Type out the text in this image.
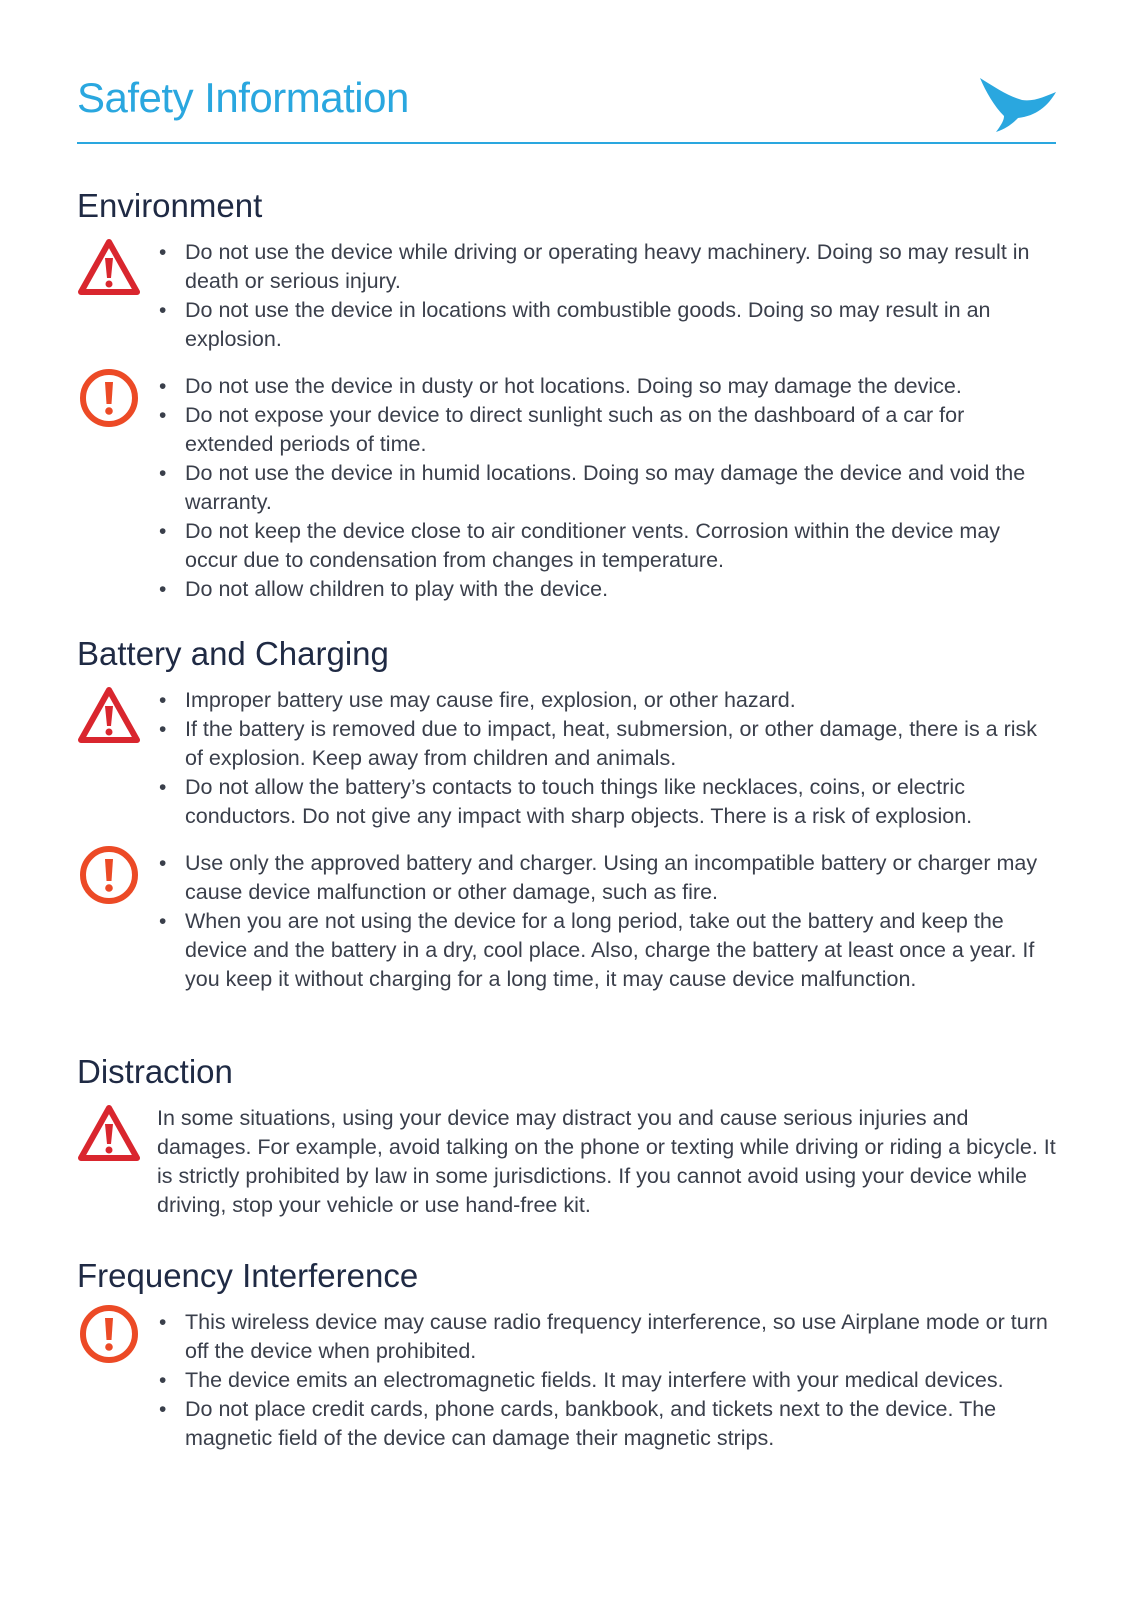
Safety Information
Environment
• Do not use the device while driving or operating heavy machinery. Doing so may result in death or serious injury.
• Do not use the device in locations with combustible goods. Doing so may result in an explosion.
• Do not use the device in dusty or hot locations. Doing so may damage the device.
• Do not expose your device to direct sunlight such as on the dashboard of a car for extended periods of time.
• Do not use the device in humid locations. Doing so may damage the device and void the warranty.
• Do not keep the device close to air conditioner vents. Corrosion within the device may occur due to condensation from changes in temperature.
• Do not allow children to play with the device.
Battery and Charging
• Improper battery use may cause fire, explosion, or other hazard.
• If the battery is removed due to impact, heat, submersion, or other damage, there is a risk of explosion. Keep away from children and animals.
• Do not allow the battery’s contacts to touch things like necklaces, coins, or electric conductors. Do not give any impact with sharp objects. There is a risk of explosion.
• Use only the approved battery and charger. Using an incompatible battery or charger may cause device malfunction or other damage, such as fire.
• When you are not using the device for a long period, take out the battery and keep the device and the battery in a dry, cool place. Also, charge the battery at least once a year. If you keep it without charging for a long time, it may cause device malfunction.
Distraction

In some situations, using your device may distract you and cause serious injuries and damages. For example, avoid talking on the phone or texting while driving or riding a bicycle. It is strictly prohibited by law in some jurisdictions. If you cannot avoid using your device while driving, stop your vehicle or use hand-free kit.

Frequency Interference
• This wireless device may cause radio frequency interference, so use Airplane mode or turn off the device when prohibited.
• The device emits an electromagnetic fields. It may interfere with your medical devices.
• Do not place credit cards, phone cards, bankbook, and tickets next to the device. The magnetic field of the device can damage their magnetic strips.
